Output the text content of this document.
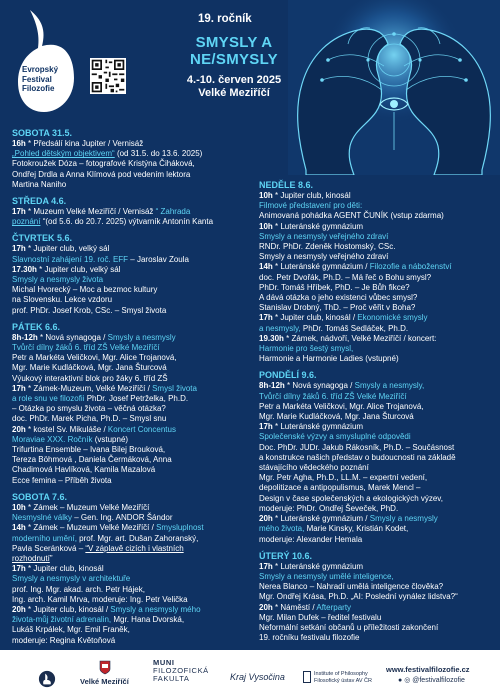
Evropský
Festival
Filozofie
19. ročník
SMYSLY A
NE/SMYSLY
4.-10. červen 2025
Velké Meziříčí
SOBOTA 31.5.
16h * Předsálí kina Jupiter / Vernisáž
„Pohled dětským objektivem“ (od 31.5. do 13.6. 2025)
Fotokroužek Dóza – fotografové Kristýna Čiháková,
Ondřej Drdla a Anna Klímová pod vedením lektora
Martina Naniho
STŘEDA 4.6.
17h * Muzeum Velké Meziříčí / Vernisáž “ Zahrada
poznání “(od 5.6. do 20.7. 2025) výtvarník Antonín Kanta
ČTVRTEK 5.6.
17h * Jupiter club, velký sál
Slavnostní zahájení 19. roč. EFF – Jaroslav Zoula
17.30h * Jupiter club, velký sál
Smysly a nesmysly života
Michal Hvorecký – Moc a bezmoc kultury
na Slovensku. Lekce vzdoru
prof. PhDr. Josef Krob, CSc. – Smysl života
PÁTEK 6.6.
8h-12h * Nová synagoga / Smysly a nesmysly
Tvůrčí dílny žáků 6. tříd ZŠ Velké Meziříčí
Petr a Markéta Veličkovi, Mgr. Alice Trojanová,
Mgr. Marie Kudláčková, Mgr. Jana Šturcová
Výukový interaktivní blok pro žáky 6. tříd ZŠ
17h * Zámek-Muzeum, Velké Meziříčí / Smysl života
a role snu ve filozofii PhDr. Josef Petrželka, Ph.D.
– Otázka po smyslu života – věčná otázka?
doc. PhDr. Marek Picha, Ph.D. – Smysl snu
20h * kostel Sv. Mikuláše / Koncert Concentus
Moraviae XXX. Ročník (vstupné)
Trifurtina Ensemble – Ivana Bilej Brouková,
Tereza Böhmová , Daniela Čermáková, Anna
Chadimová Havlíková, Kamila Mazalová
Ecce femina – Příběh života
SOBOTA 7.6.
10h * Zámek – Muzeum Velké Meziříčí
Nesmyslné války – Gen. Ing. ANDOR Šándor
14h * Zámek – Muzeum Velké Meziříčí / Smysluplnost
moderního umění, prof. Mgr. art. Dušan Zahoranský,
Pavla Sceránková – “V záplavě cizích i vlastních
rozhodnutí”
17h * Jupiter club, kinosál
Smysly a nesmysly v architektuře
prof. Ing. Mgr. akad. arch. Petr Hájek,
Ing. arch. Kamil Mrva, moderuje: Ing. Petr Velička
20h * Jupiter club, kinosál / Smysly a nesmysly mého
života-můj životní adrenalin, Mgr. Hana Dvorská,
Lukáš Krpálek, Mgr. Emil Franěk,
moderuje: Regina Květoňová
NEDĚLE 8.6.
10h * Jupiter club, kinosál
Filmové představení pro děti:
Animovaná pohádka AGENT ČUNÍK (vstup zdarma)
10h * Luteránské gymnázium
Smysly a nesmysly veřejného zdraví
RNDr. PhDr. Zdeněk Hostomský, CSc.
Smysly a nesmysly veřejného zdraví
14h * Luteránské gymnázium / Filozofie a náboženství
doc. Petr Dvořák, Ph.D. – Má řeč o Bohu smysl?
PhDr. Tomáš Hříbek, PhD. – Je Bůh fikce?
A dává otázka o jeho existenci vůbec smysl?
Stanislav Drobný, ThD. – Proč věřit v Boha?
17h * Jupiter club, kinosál / Ekonomické smysly
a nesmysly, PhDr. Tomáš Sedláček, Ph.D.
19.30h * Zámek, nádvoří, Velké Meziříčí / koncert:
Harmonie pro šestý smysl,
Harmonie a Harmonie Ladies (vstupné)
PONDĚLÍ 9.6.
8h-12h * Nová synagoga / Smysly a nesmysly,
Tvůrčí dílny žáků 6. tříd ZŠ Velké Meziříčí
Petr a Markéta Veličkovi, Mgr. Alice Trojanová,
Mgr. Marie Kudláčková, Mgr. Jana Šturcová
17h * Luteránské gymnázium
Společenské výzvy a smysluplné odpovědi
Doc. PhDr. JUDr. Jakub Rákosník, Ph.D. – Součásnost
a konstrukce našich představ o budoucnosti na základě
stávajícího vědeckého poznání
Mgr. Petr Agha, Ph.D., LL.M. – expertní vedení,
depolitizace a antipopulismus, Marek Mencl –
Design v čase společenských a ekologických výzev,
moderuje: PhDr. Ondřej Ševeček, PhD.
20h * Luteránské gymnázium / Smysly a nesmysly
mého života, Marie Kinsky, Kristián Kodet,
moderuje: Alexander Hemala
ÚTERÝ 10.6.
17h * Luteránské gymnázium
Smysly a nesmysly umělé inteligence,
Nerea Blanco – Nahradí umělá inteligence člověka?
Mgr. Ondřej Krása, Ph.D. „AI: Poslední vynález lidstva?“
20h * Náměstí / Afterparty
Mgr. Milan Dufek – ředitel festivalu
Neformální setkání občanů u příležitosti zakončení
19. ročníku festivalu filozofie
Velké Meziříčí
MUNI
FILOZOFICKÁ
FAKULTA	Kraj Vysočina	Institute of Philosophy
Filosofický ústav AV ČR
www.festivalfilozofie.cz
● ◎ @festivalfilozofie
